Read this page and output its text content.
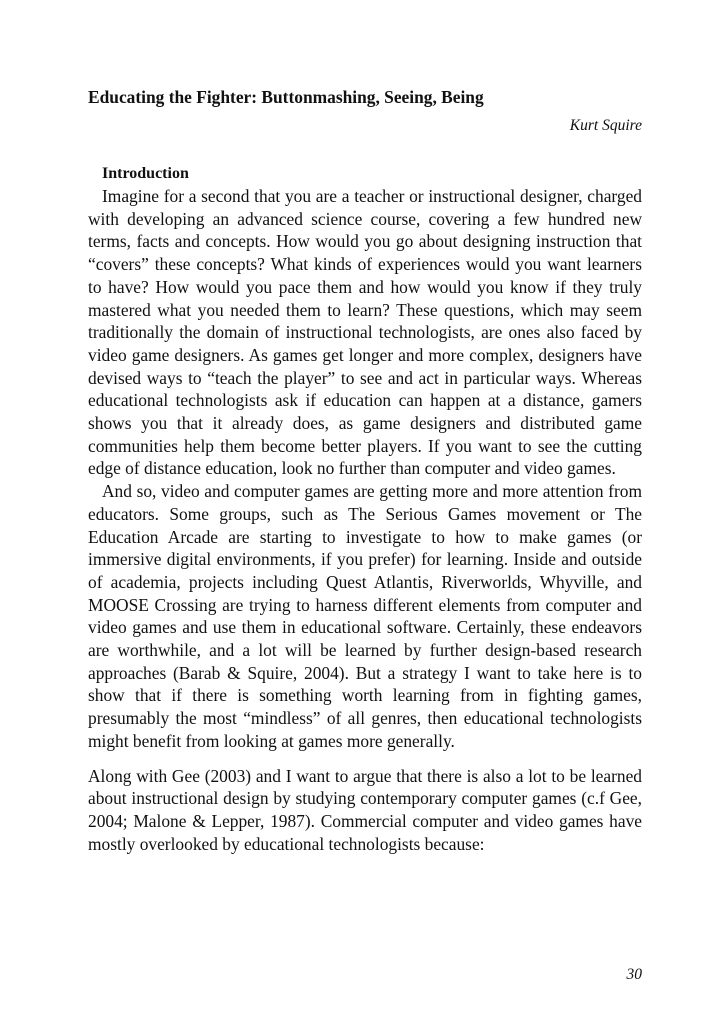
Educating the Fighter: Buttonmashing, Seeing, Being
Kurt Squire
Introduction

Imagine for a second that you are a teacher or instructional designer, charged with developing an advanced science course, covering a few hundred new terms, facts and concepts. How would you go about designing instruction that “covers” these concepts? What kinds of experiences would you want learners to have? How would you pace them and how would you know if they truly mastered what you needed them to learn? These questions, which may seem traditionally the domain of instructional technologists, are ones also faced by video game designers. As games get longer and more complex, designers have devised ways to “teach the player” to see and act in particular ways. Whereas educational technologists ask if education can happen at a distance, gamers shows you that it already does, as game designers and distributed game communities help them become better players. If you want to see the cutting edge of distance education, look no further than computer and video games.

And so, video and computer games are getting more and more attention from educators. Some groups, such as The Serious Games movement or The Education Arcade are starting to investigate to how to make games (or immersive digital environments, if you prefer) for learning. Inside and outside of academia, projects including Quest Atlantis, Riverworlds, Whyville, and MOOSE Crossing are trying to harness different elements from computer and video games and use them in educational software. Certainly, these endeavors are worthwhile, and a lot will be learned by further design-based research approaches (Barab & Squire, 2004). But a strategy I want to take here is to show that if there is something worth learning from in fighting games, presumably the most “mindless” of all genres, then educational technologists might benefit from looking at games more generally.

Along with Gee (2003) and I want to argue that there is also a lot to be learned about instructional design by studying contemporary computer games (c.f Gee, 2004; Malone & Lepper, 1987). Commercial computer and video games have mostly overlooked by educational technologists because:

30
